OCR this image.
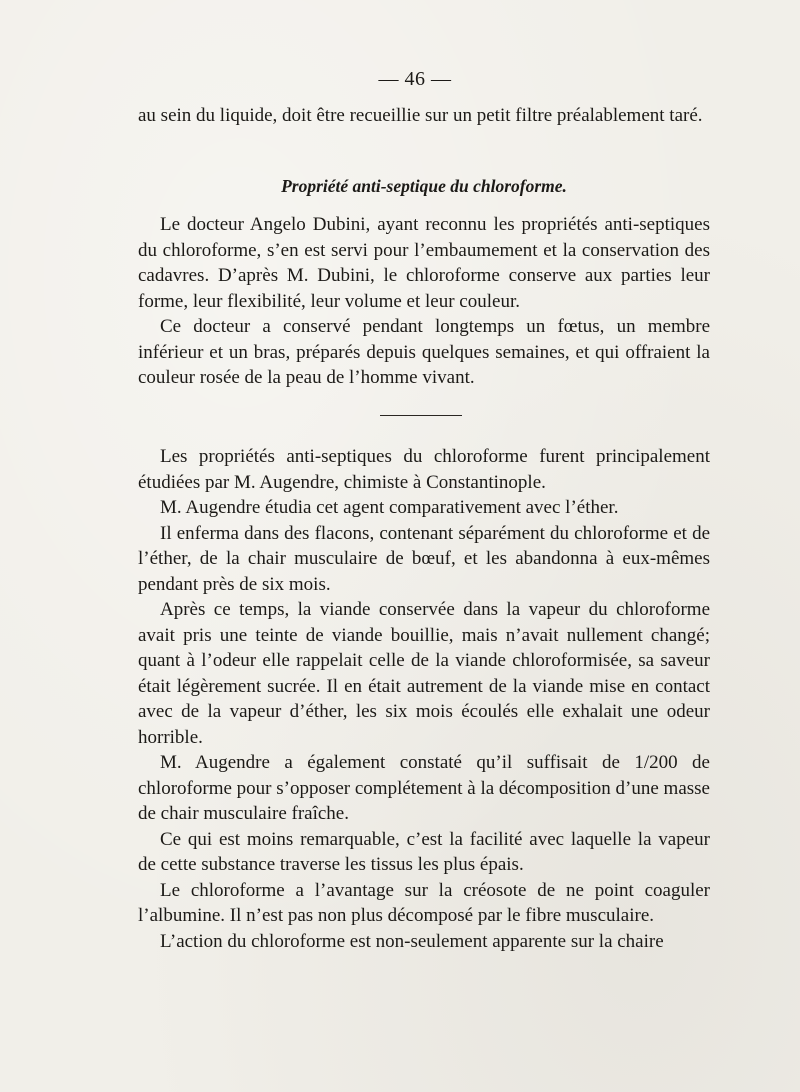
— 46 —

au sein du liquide, doit être recueillie sur un petit filtre préalablement taré.

Propriété anti-septique du chloroforme.

Le docteur Angelo Dubini, ayant reconnu les propriétés anti-septiques du chloroforme, s’en est servi pour l’embaumement et la conservation des cadavres. D’après M. Dubini, le chloroforme conserve aux parties leur forme, leur flexibilité, leur volume et leur couleur.

Ce docteur a conservé pendant longtemps un fœtus, un membre inférieur et un bras, préparés depuis quelques semaines, et qui offraient la couleur rosée de la peau de l’homme vivant.

Les propriétés anti-septiques du chloroforme furent principalement étudiées par M. Augendre, chimiste à Constantinople.

M. Augendre étudia cet agent comparativement avec l’éther.

Il enferma dans des flacons, contenant séparément du chloroforme et de l’éther, de la chair musculaire de bœuf, et les abandonna à eux-mêmes pendant près de six mois.

Après ce temps, la viande conservée dans la vapeur du chloroforme avait pris une teinte de viande bouillie, mais n’avait nullement changé; quant à l’odeur elle rappelait celle de la viande chloroformisée, sa saveur était légèrement sucrée. Il en était autrement de la viande mise en contact avec de la vapeur d’éther, les six mois écoulés elle exhalait une odeur horrible.

M. Augendre a également constaté qu’il suffisait de 1/200 de chloroforme pour s’opposer complétement à la décomposition d’une masse de chair musculaire fraîche.

Ce qui est moins remarquable, c’est la facilité avec laquelle la vapeur de cette substance traverse les tissus les plus épais.

Le chloroforme a l’avantage sur la créosote de ne point coaguler l’albumine. Il n’est pas non plus décomposé par le fibre musculaire.

L’action du chloroforme est non-seulement apparente sur la chaire
